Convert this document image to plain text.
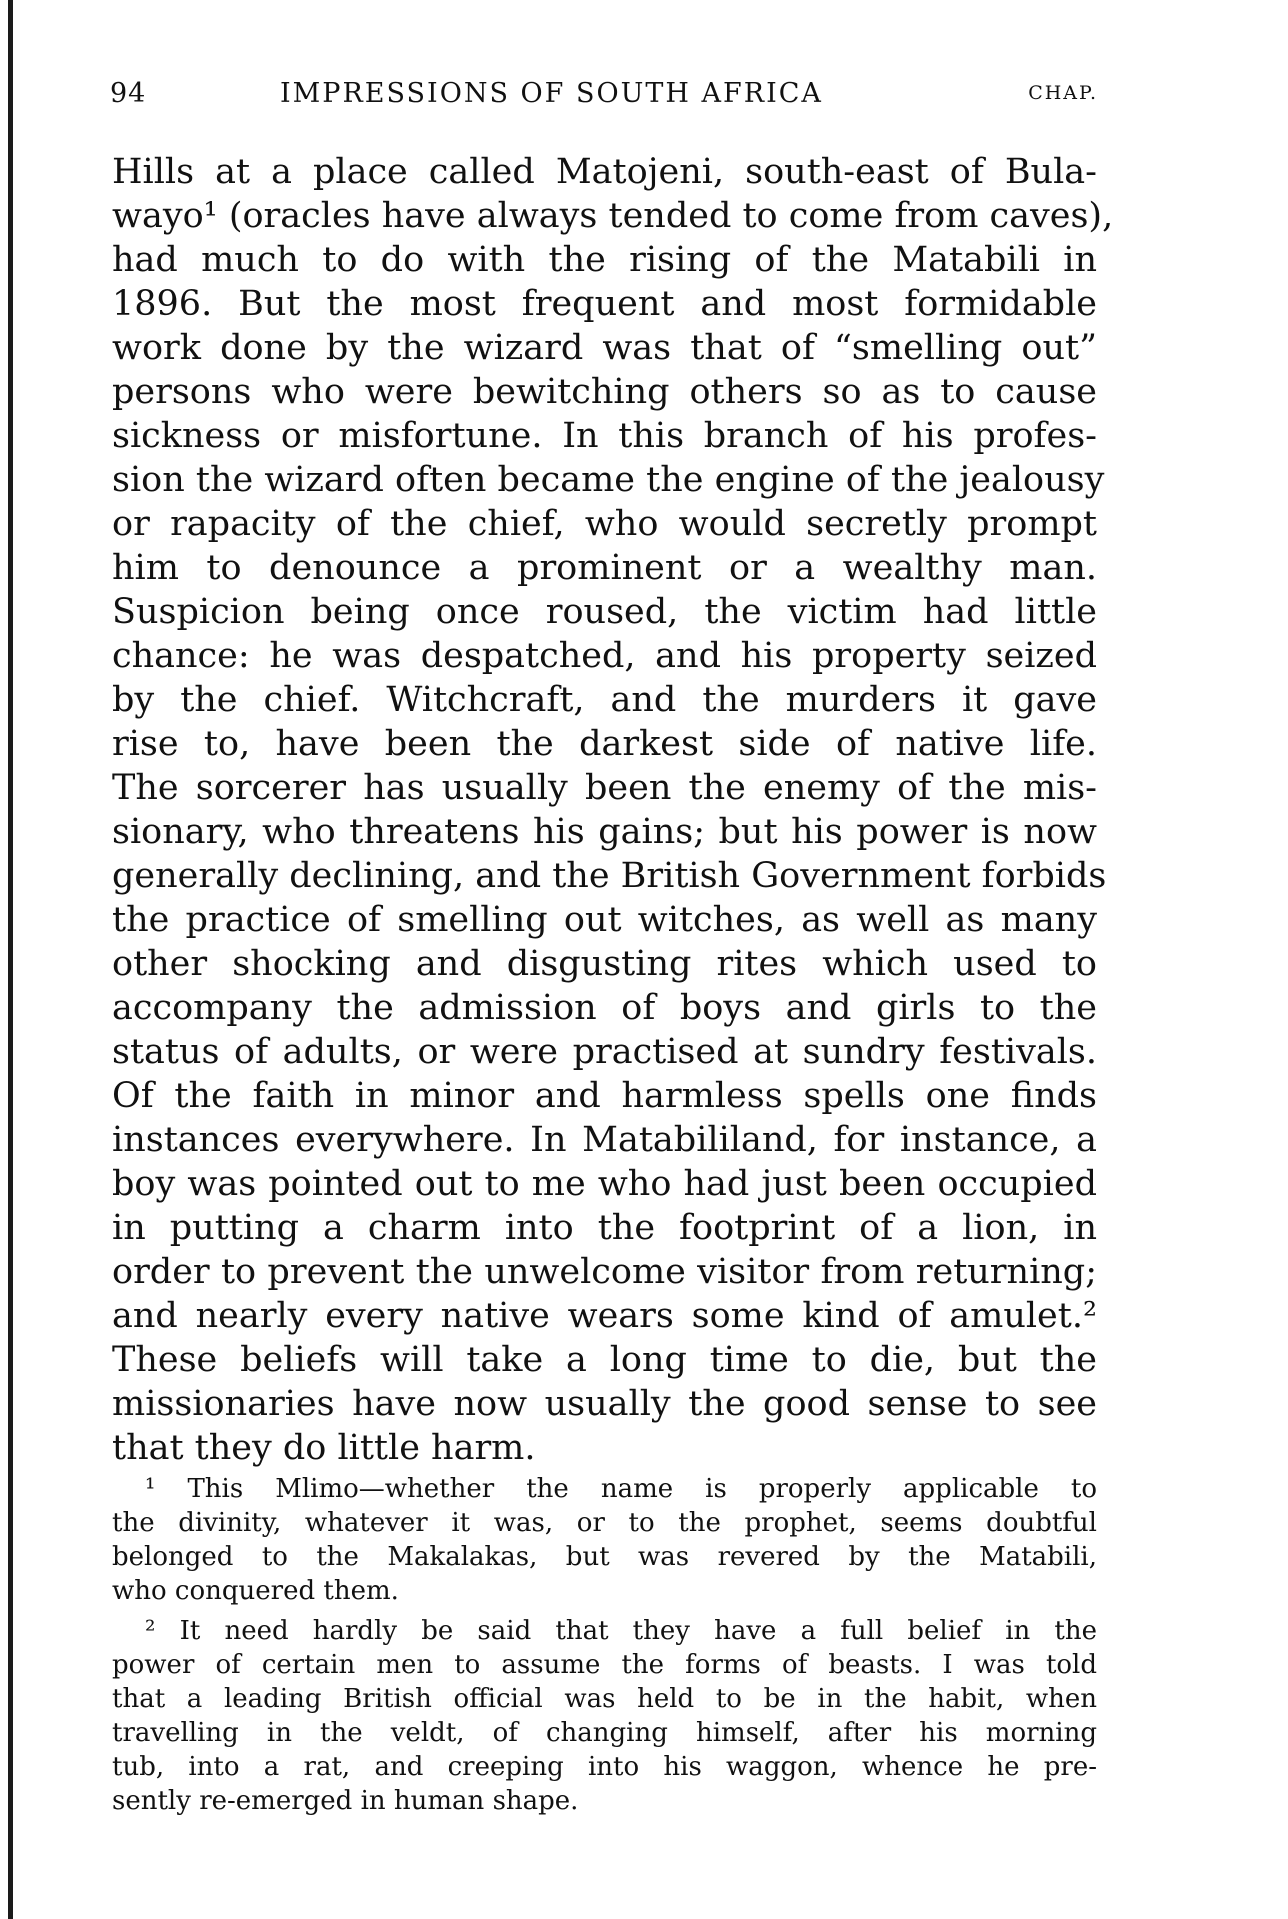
94	IMPRESSIONS OF SOUTH AFRICA	CHAP.
Hills at a place called Matojeni, south-east of Bula-
wayo¹ (oracles have always tended to come from caves),
had much to do with the rising of the Matabili in
1896. But the most frequent and most formidable
work done by the wizard was that of “smelling out”
persons who were bewitching others so as to cause
sickness or misfortune. In this branch of his profes-
sion the wizard often became the engine of the jealousy
or rapacity of the chief, who would secretly prompt
him to denounce a prominent or a wealthy man.
Suspicion being once roused, the victim had little
chance: he was despatched, and his property seized
by the chief. Witchcraft, and the murders it gave
rise to, have been the darkest side of native life.
The sorcerer has usually been the enemy of the mis-
sionary, who threatens his gains; but his power is now
generally declining, and the British Government forbids
the practice of smelling out witches, as well as many
other shocking and disgusting rites which used to
accompany the admission of boys and girls to the
status of adults, or were practised at sundry festivals.
Of the faith in minor and harmless spells one finds
instances everywhere. In Matabililand, for instance, a
boy was pointed out to me who had just been occupied
in putting a charm into the footprint of a lion, in
order to prevent the unwelcome visitor from returning;
and nearly every native wears some kind of amulet.²
These beliefs will take a long time to die, but the
missionaries have now usually the good sense to see
that they do little harm.
¹ This Mlimo—whether the name is properly applicable to
the divinity, whatever it was, or to the prophet, seems doubtful
belonged to the Makalakas, but was revered by the Matabili,
who conquered them.
² It need hardly be said that they have a full belief in the
power of certain men to assume the forms of beasts. I was told
that a leading British official was held to be in the habit, when
travelling in the veldt, of changing himself, after his morning
tub, into a rat, and creeping into his waggon, whence he pre-
sently re-emerged in human shape.
